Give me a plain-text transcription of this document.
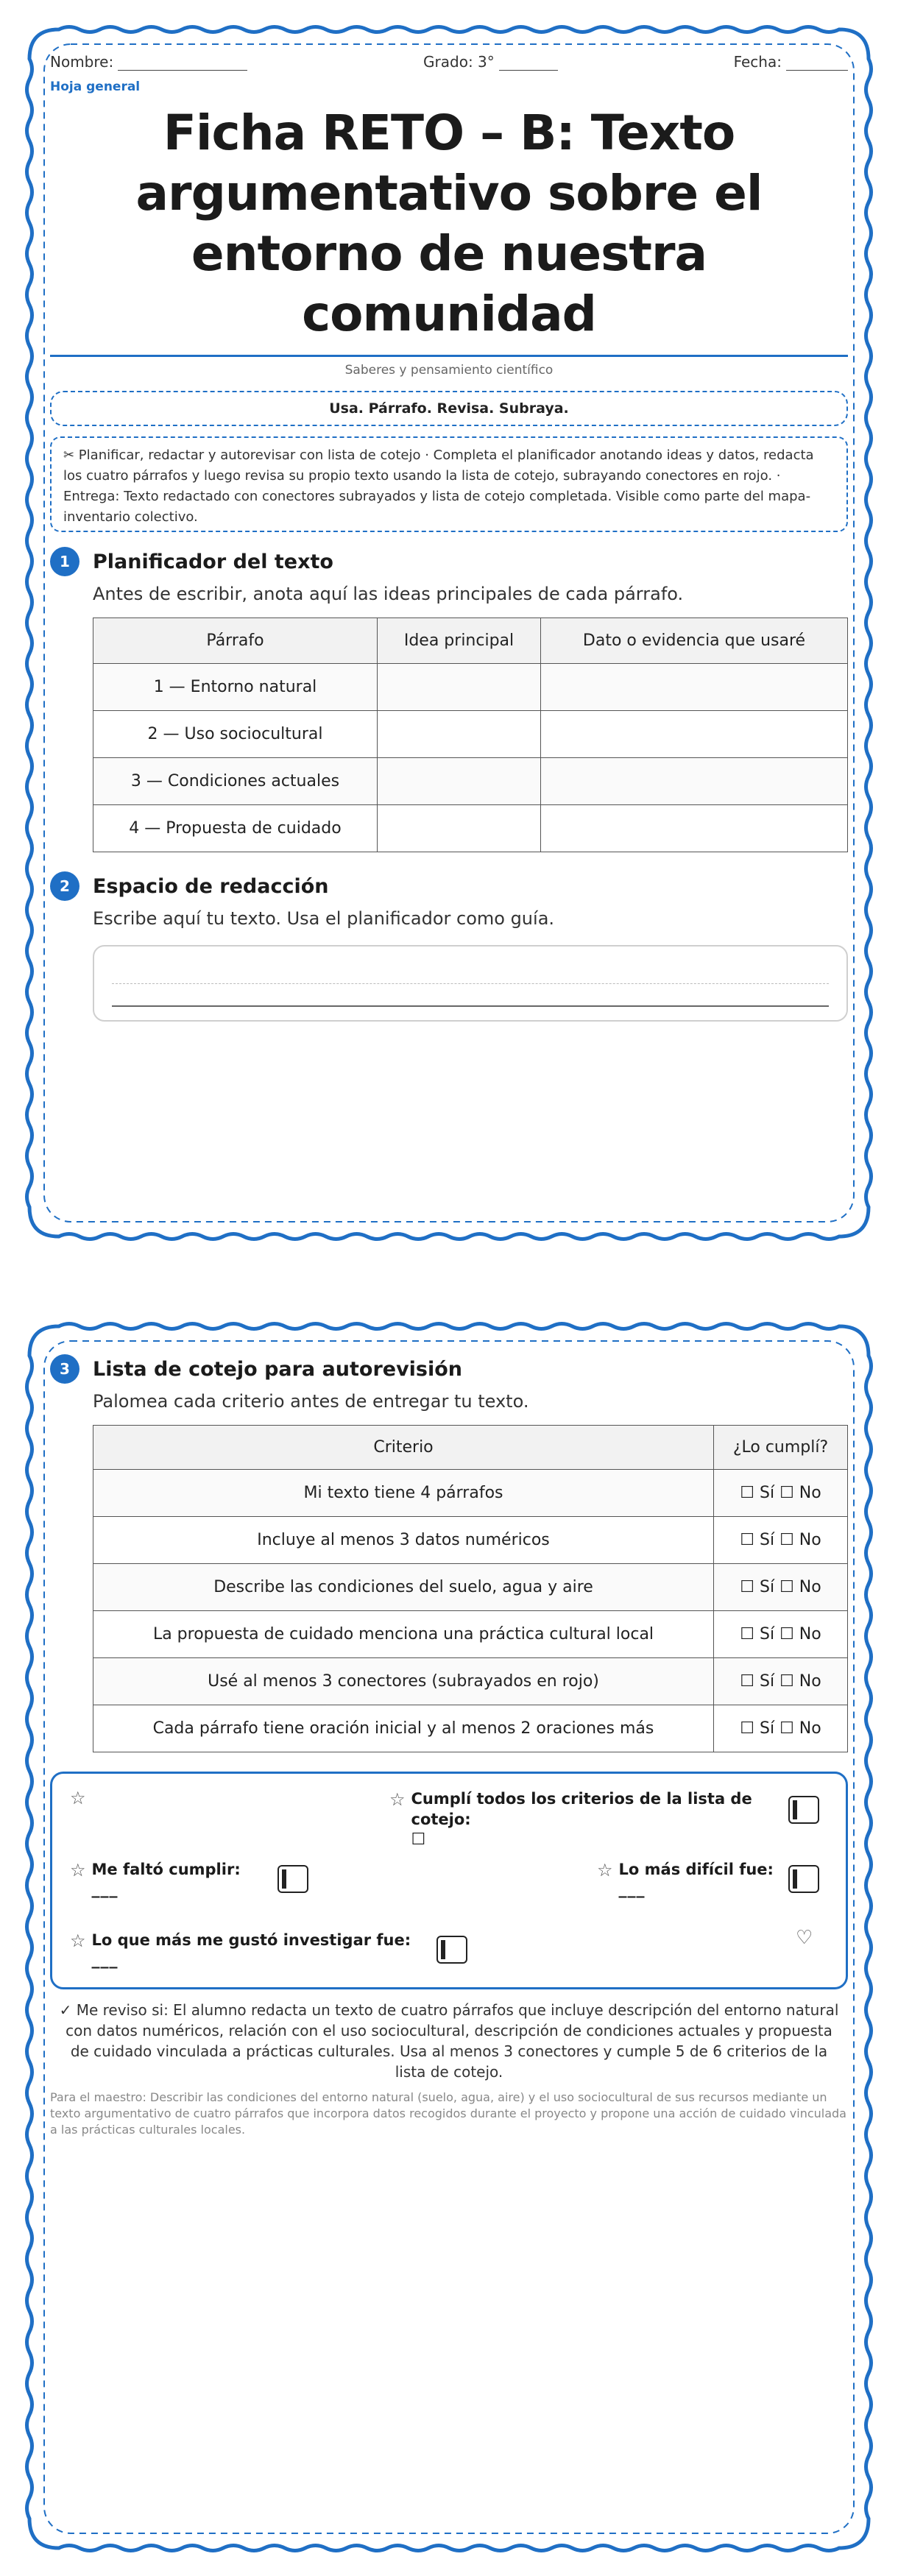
Nombre:	Grado: 3°	Fecha:
Hoja general
Ficha RETO – B: Texto argumentativo sobre el entorno de nuestra comunidad
Saberes y pensamiento científico
Usa. Párrafo. Revisa. Subraya.
✂ Planificar, redactar y autorevisar con lista de cotejo · Completa el planificador anotando ideas y datos, redacta los cuatro párrafos y luego revisa su propio texto usando la lista de cotejo, subrayando conectores en rojo. · Entrega: Texto redactado con conectores subrayados y lista de cotejo completada. Visible como parte del mapa-inventario colectivo.
1	Planificador del texto
Antes de escribir, anota aquí las ideas principales de cada párrafo.
Párrafo	Idea principal	Dato o evidencia que usaré
1 — Entorno natural		
2 — Uso sociocultural		
3 — Condiciones actuales		
4 — Propuesta de cuidado		
2	Espacio de redacción
Escribe aquí tu texto. Usa el planificador como guía.
3	Lista de cotejo para autorevisión
Palomea cada criterio antes de entregar tu texto.
Criterio	¿Lo cumplí?
Mi texto tiene 4 párrafos	☐ Sí ☐ No
Incluye al menos 3 datos numéricos	☐ Sí ☐ No
Describe las condiciones del suelo, agua y aire	☐ Sí ☐ No
La propuesta de cuidado menciona una práctica cultural local	☐ Sí ☐ No
Usé al menos 3 conectores (subrayados en rojo)	☐ Sí ☐ No
Cada párrafo tiene oración inicial y al menos 2 oraciones más	☐ Sí ☐ No
☆	☆ Cumplí todos los criterios de la lista de cotejo:
☐
☆ Me faltó cumplir:
___
☆ Lo más difícil fue:
___
☆ Lo que más me gustó investigar fue:
___
♡
✓ Me reviso si: El alumno redacta un texto de cuatro párrafos que incluye descripción del entorno natural con datos numéricos, relación con el uso sociocultural, descripción de condiciones actuales y propuesta de cuidado vinculada a prácticas culturales. Usa al menos 3 conectores y cumple 5 de 6 criterios de la lista de cotejo.
Para el maestro: Describir las condiciones del entorno natural (suelo, agua, aire) y el uso sociocultural de sus recursos mediante un texto argumentativo de cuatro párrafos que incorpora datos recogidos durante el proyecto y propone una acción de cuidado vinculada a las prácticas culturales locales.
